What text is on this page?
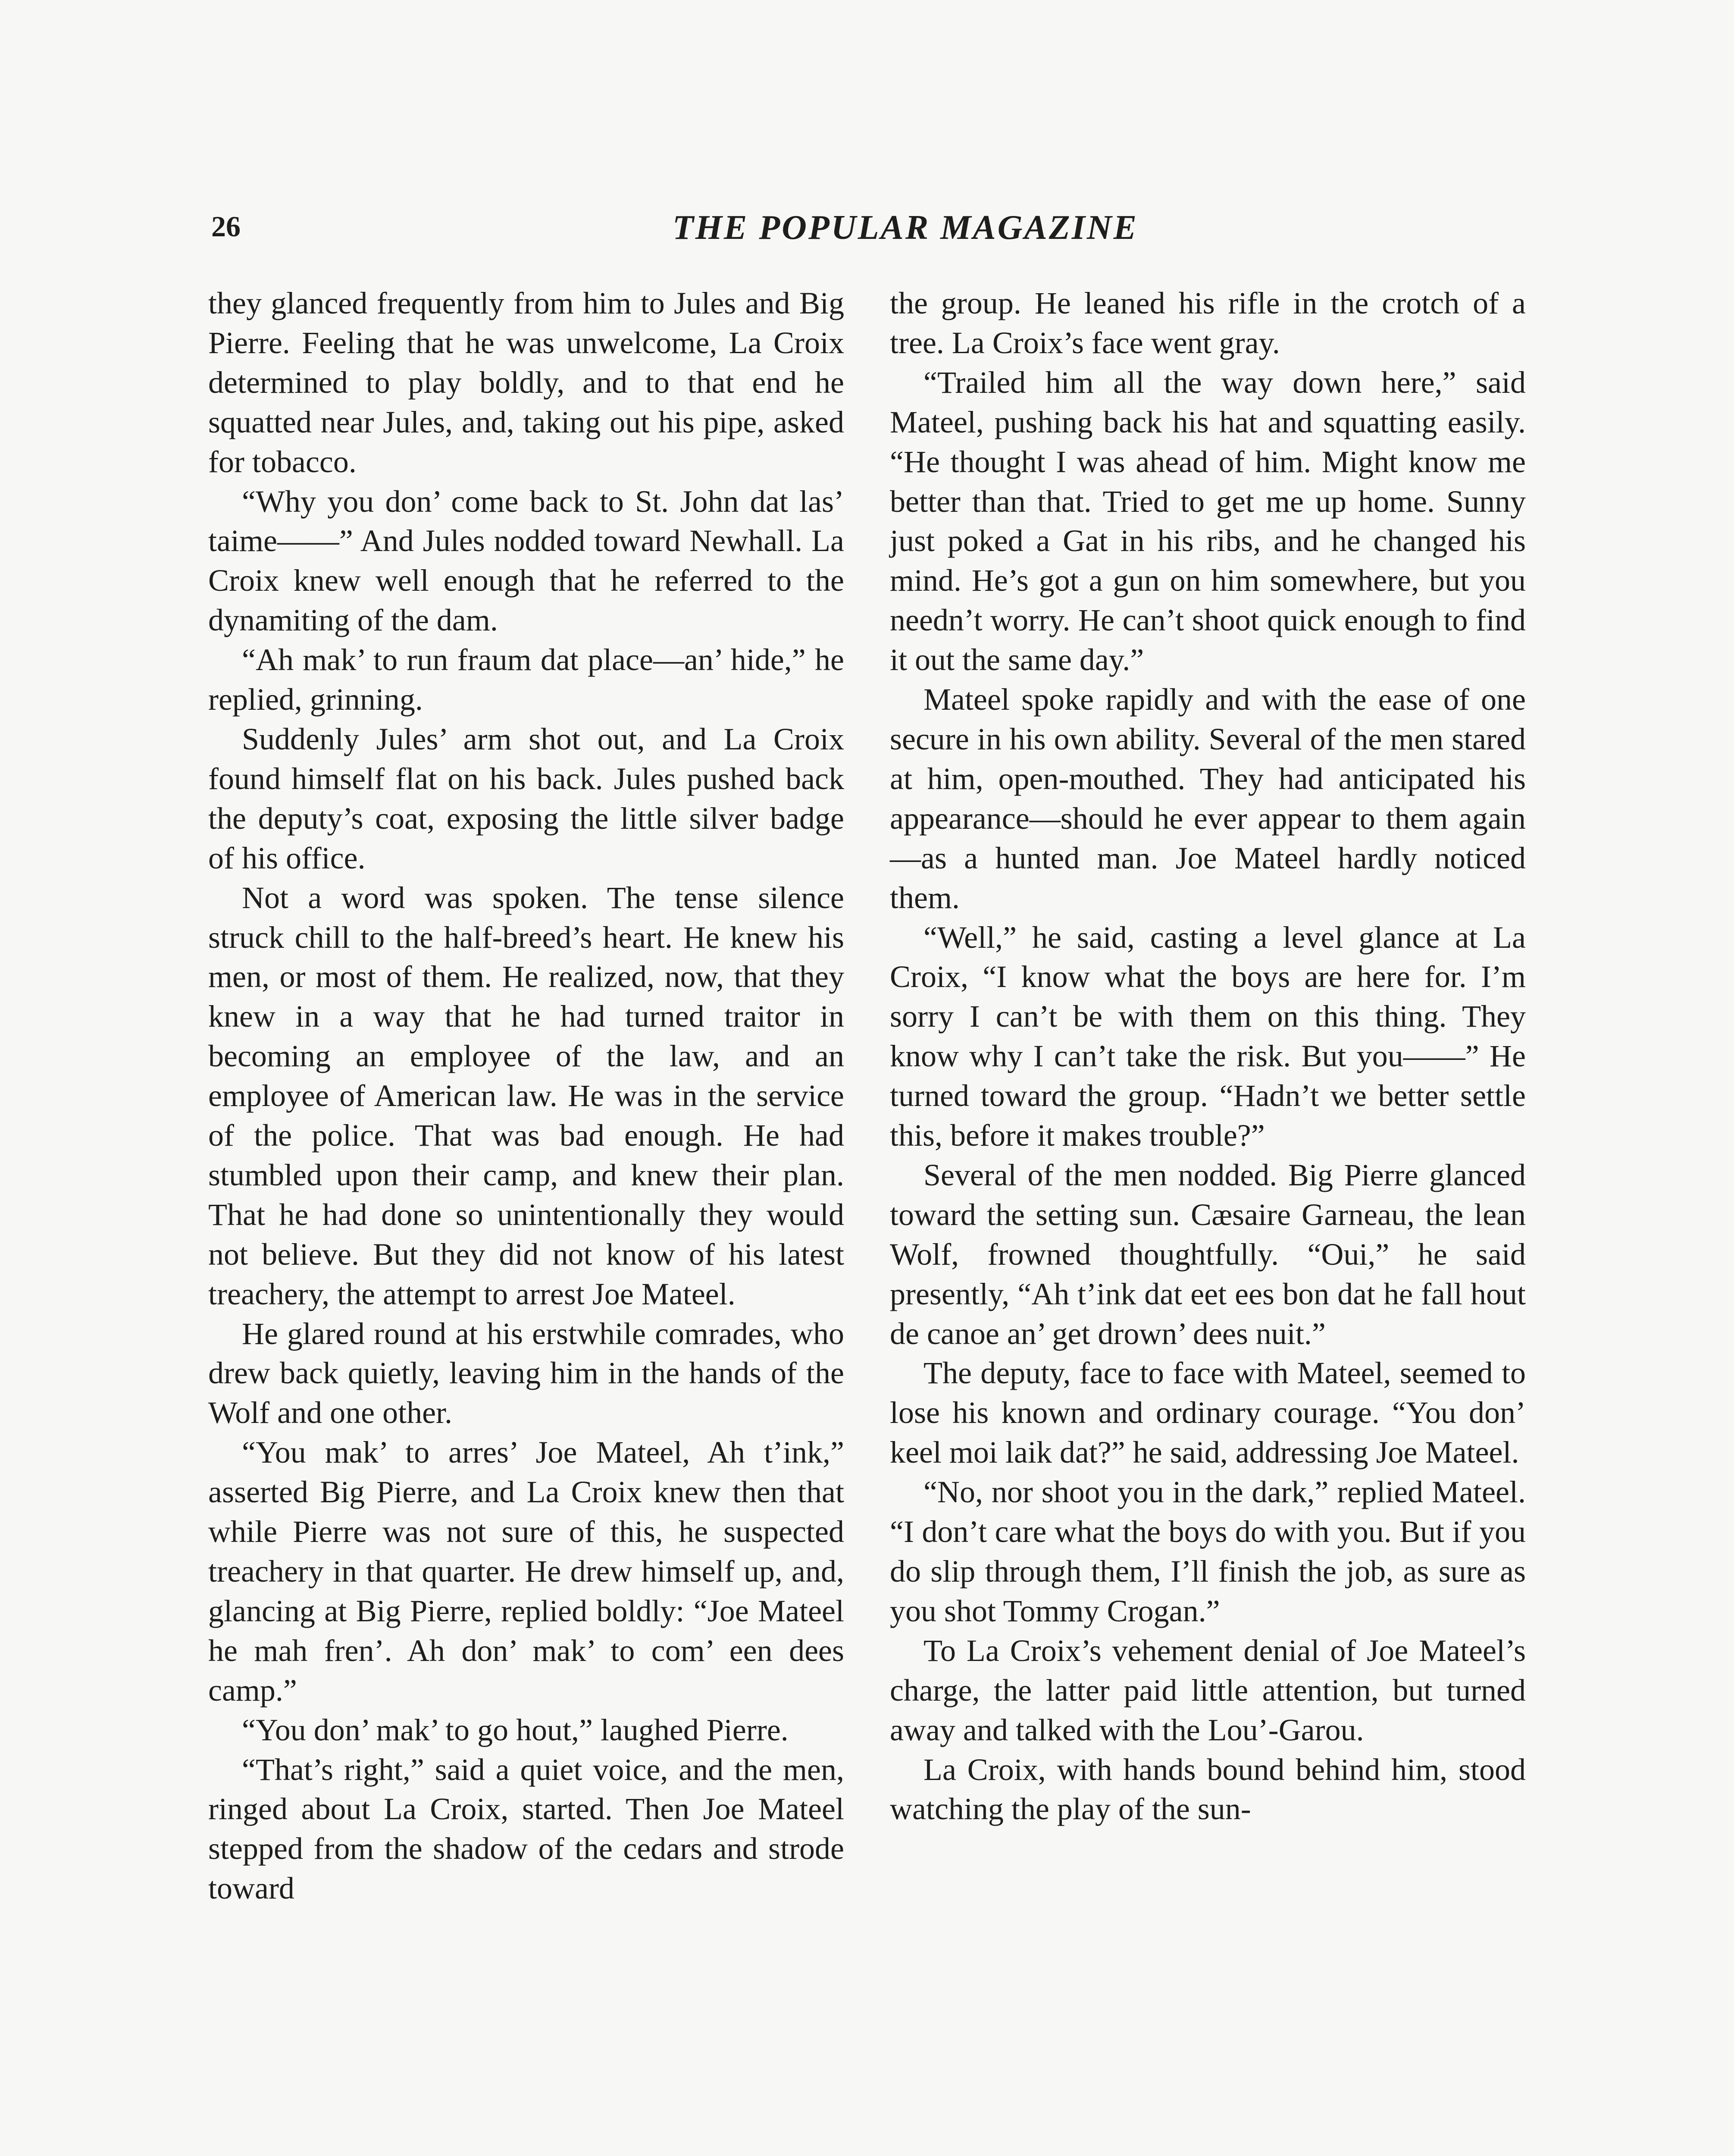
26	THE POPULAR MAGAZINE

they glanced frequently from him to Jules and Big Pierre. Feeling that he was unwelcome, La Croix determined to play boldly, and to that end he squatted near Jules, and, taking out his pipe, asked for tobacco.

“Why you don’ come back to St. John dat las’ taime——” And Jules nodded toward Newhall. La Croix knew well enough that he referred to the dynamiting of the dam.

“Ah mak’ to run fraum dat place—an’ hide,” he replied, grinning.

Suddenly Jules’ arm shot out, and La Croix found himself flat on his back. Jules pushed back the deputy’s coat, exposing the little silver badge of his office.

Not a word was spoken. The tense silence struck chill to the half-breed’s heart. He knew his men, or most of them. He realized, now, that they knew in a way that he had turned traitor in becoming an employee of the law, and an employee of American law. He was in the service of the police. That was bad enough. He had stumbled upon their camp, and knew their plan. That he had done so unintentionally they would not believe. But they did not know of his latest treachery, the attempt to arrest Joe Mateel.

He glared round at his erstwhile comrades, who drew back quietly, leaving him in the hands of the Wolf and one other.

“You mak’ to arres’ Joe Mateel, Ah t’ink,” asserted Big Pierre, and La Croix knew then that while Pierre was not sure of this, he suspected treachery in that quarter. He drew himself up, and, glancing at Big Pierre, replied boldly: “Joe Mateel he mah fren’. Ah don’ mak’ to com’ een dees camp.”

“You don’ mak’ to go hout,” laughed Pierre.

“That’s right,” said a quiet voice, and the men, ringed about La Croix, started. Then Joe Mateel stepped from the shadow of the cedars and strode toward

the group. He leaned his rifle in the crotch of a tree. La Croix’s face went gray.

“Trailed him all the way down here,” said Mateel, pushing back his hat and squatting easily. “He thought I was ahead of him. Might know me better than that. Tried to get me up home. Sunny just poked a Gat in his ribs, and he changed his mind. He’s got a gun on him somewhere, but you needn’t worry. He can’t shoot quick enough to find it out the same day.”

Mateel spoke rapidly and with the ease of one secure in his own ability. Several of the men stared at him, open-mouthed. They had anticipated his appearance—should he ever appear to them again—as a hunted man. Joe Mateel hardly noticed them.

“Well,” he said, casting a level glance at La Croix, “I know what the boys are here for. I’m sorry I can’t be with them on this thing. They know why I can’t take the risk. But you——” He turned toward the group. “Hadn’t we better settle this, before it makes trouble?”

Several of the men nodded. Big Pierre glanced toward the setting sun. Cæsaire Garneau, the lean Wolf, frowned thoughtfully. “Oui,” he said presently, “Ah t’ink dat eet ees bon dat he fall hout de canoe an’ get drown’ dees nuit.”

The deputy, face to face with Mateel, seemed to lose his known and ordinary courage. “You don’ keel moi laik dat?” he said, addressing Joe Mateel.

“No, nor shoot you in the dark,” replied Mateel. “I don’t care what the boys do with you. But if you do slip through them, I’ll finish the job, as sure as you shot Tommy Crogan.”

To La Croix’s vehement denial of Joe Mateel’s charge, the latter paid little attention, but turned away and talked with the Lou’-Garou.

La Croix, with hands bound behind him, stood watching the play of the sun-
